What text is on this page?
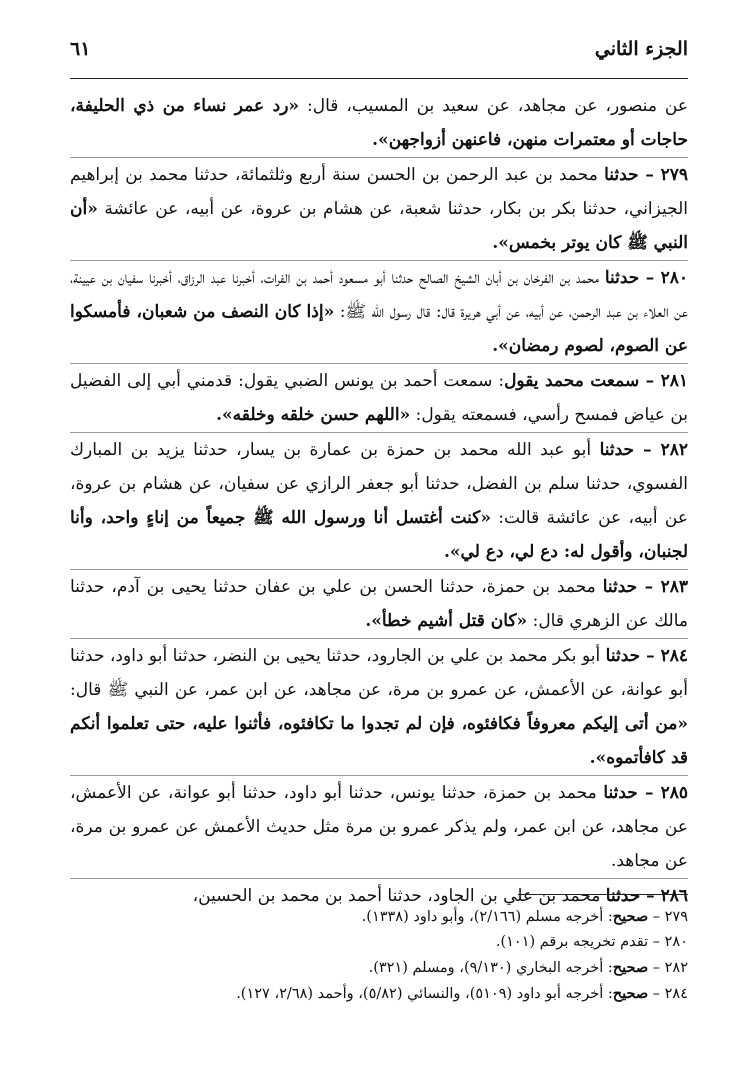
الجزء الثاني
٦١

عن منصور، عن مجاهد، عن سعيد بن المسيب، قال: «رد عمر نساء من ذي الحليفة، حاجات أو معتمرات منهن، فاعنهن أزواجهن».

٢٧٩ – حدثنا محمد بن عبد الرحمن بن الحسن سنة أربع وثلثمائة، حدثنا محمد بن إبراهيم الجيزاني، حدثنا بكر بن بكار، حدثنا شعبة، عن هشام بن عروة، عن أبيه، عن عائشة «أن النبي ﷺ كان يوتر بخمس».

٢٨٠ – حدثنا محمد بن الفرخان بن أبان الشيخ الصالح حدثنا أبو مسعود أحمد بن الفرات، أخبرنا عبد الرزاق، أخبرنا سفيان بن عيينة، عن العلاء بن عبد الرحمن، عن أبيه، عن أبي هريرة قال: قال رسول الله ﷺ: «إذا كان النصف من شعبان، فأمسكوا عن الصوم، لصوم رمضان».

٢٨١ – سمعت محمد يقول: سمعت أحمد بن يونس الضبي يقول: قدمني أبي إلى الفضيل بن عياض فمسح رأسي، فسمعته يقول: «اللهم حسن خلقه وخلقه».

٢٨٢ – حدثنا أبو عبد الله محمد بن حمزة بن عمارة بن يسار، حدثنا يزيد بن المبارك الفسوي، حدثنا سلم بن الفضل، حدثنا أبو جعفر الرازي عن سفيان، عن هشام بن عروة، عن أبيه، عن عائشة قالت: «كنت أغتسل أنا ورسول الله ﷺ جميعاً من إناءٍ واحد، وأنا لجنبان، وأقول له: دع لي، دع لي».

٢٨٣ – حدثنا محمد بن حمزة، حدثنا الحسن بن علي بن عفان حدثنا يحيى بن آدم، حدثنا مالك عن الزهري قال: «كان قتل أشيم خطأ».

٢٨٤ – حدثنا أبو بكر محمد بن علي بن الجارود، حدثنا يحيى بن النضر، حدثنا أبو داود، حدثنا أبو عوانة، عن الأعمش، عن عمرو بن مرة، عن مجاهد، عن ابن عمر، عن النبي ﷺ قال: «من أتى إليكم معروفاً فكافئوه، فإن لم تجدوا ما تكافئوه، فأثنوا عليه، حتى تعلموا أنكم قد كافأتموه».

٢٨٥ – حدثنا محمد بن حمزة، حدثنا يونس، حدثنا أبو داود، حدثنا أبو عوانة، عن الأعمش، عن مجاهد، عن ابن عمر، ولم يذكر عمرو بن مرة مثل حديث الأعمش عن عمرو بن مرة، عن مجاهد.

٢٨٦ – حدثنا محمد بن علي بن الجاود، حدثنا أحمد بن محمد بن الحسين،

٢٧٩ – صحيح: أخرجه مسلم (٢/١٦٦)، وأبو داود (١٣٣٨).
٢٨٠ – تقدم تخريجه برقم (١٠١).
٢٨٢ – صحيح: أخرجه البخاري (٩/١٣٠)، ومسلم (٣٢١).
٢٨٤ – صحيح: أخرجه أبو داود (٥١٠٩)، والنسائي (٥/٨٢)، وأحمد (٢/٦٨، ١٢٧).
